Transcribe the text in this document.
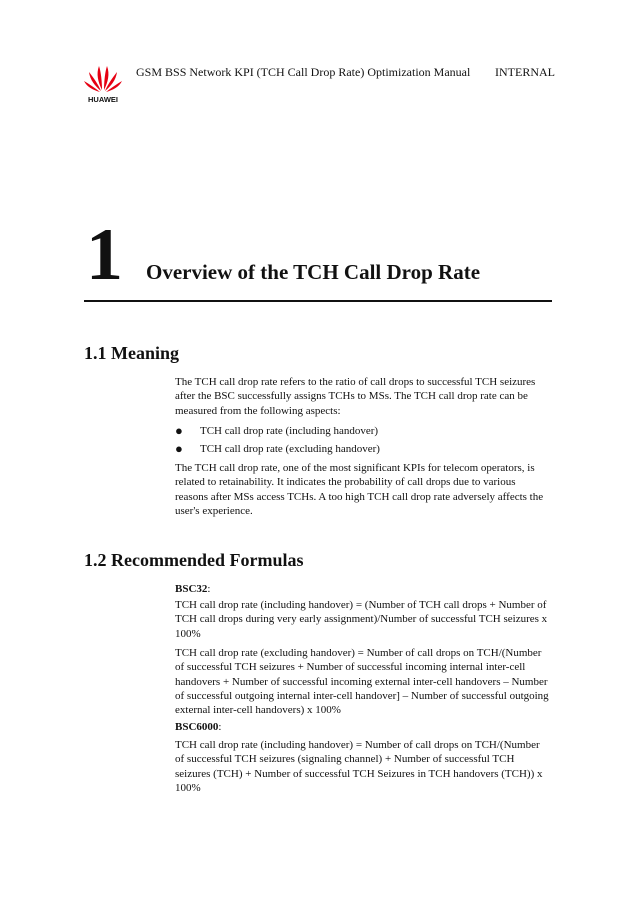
HUAWEI
GSM BSS Network KPI (TCH Call Drop Rate) Optimization Manual INTERNAL
1 Overview of the TCH Call Drop Rate
1.1 Meaning

The TCH call drop rate refers to the ratio of call drops to successful TCH seizures after the BSC successfully assigns TCHs to MSs. The TCH call drop rate can be measured from the following aspects:

● TCH call drop rate (including handover)
● TCH call drop rate (excluding handover)

The TCH call drop rate, one of the most significant KPIs for telecom operators, is related to retainability. It indicates the probability of call drops due to various reasons after MSs access TCHs. A too high TCH call drop rate adversely affects the user's experience.

1.2 Recommended Formulas

BSC32:

TCH call drop rate (including handover) = (Number of TCH call drops + Number of TCH call drops during very early assignment)/Number of successful TCH seizures x 100%

TCH call drop rate (excluding handover) = Number of call drops on TCH/(Number of successful TCH seizures + Number of successful incoming internal inter-cell handovers + Number of successful incoming external inter-cell handovers – Number of successful outgoing internal inter-cell handover] – Number of successful outgoing external inter-cell handovers) x 100%

BSC6000:

TCH call drop rate (including handover) = Number of call drops on TCH/(Number of successful TCH seizures (signaling channel) + Number of successful TCH seizures (TCH) + Number of successful TCH Seizures in TCH handovers (TCH)) x 100%
